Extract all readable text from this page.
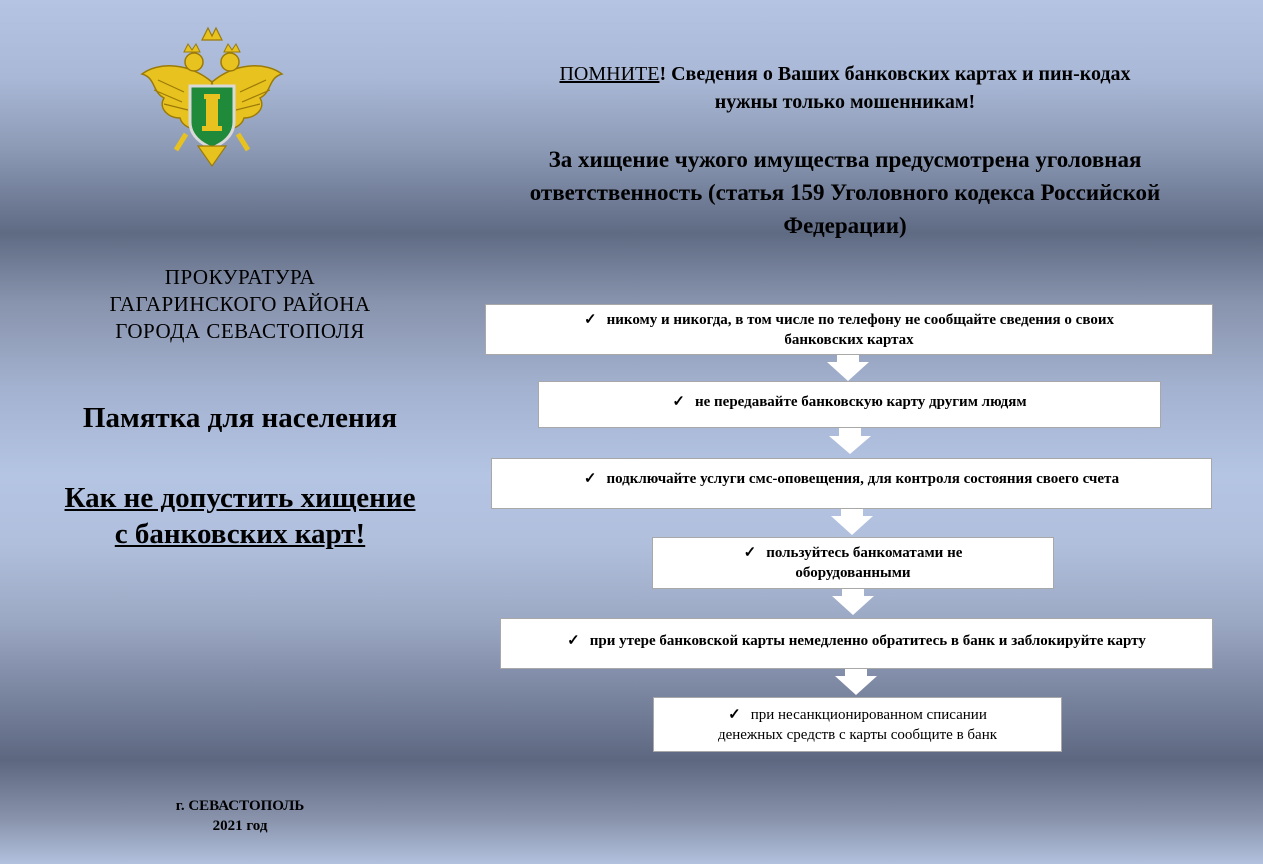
ПРОКУРАТУРА
ГАГАРИНСКОГО РАЙОНА
ГОРОДА СЕВАСТОПОЛЯ
Памятка для населения
Как не допустить хищение
с банковских карт!
г. СЕВАСТОПОЛЬ
2021 год
ПОМНИТЕ! Сведения о Ваших банковских картах и пин-кодах
нужны только мошенникам!
За хищение чужого имущества предусмотрена уголовная
ответственность (статья 159 Уголовного кодекса Российской
Федерации)
✓ никому и никогда, в том числе по телефону не сообщайте сведения о своих
банковских картах
✓ не передавайте банковскую карту другим людям
✓ подключайте услуги смс-оповещения, для контроля состояния своего счета
✓ пользуйтесь банкоматами не
оборудованными
✓ при утере банковской карты немедленно обратитесь в банк и заблокируйте карту
✓ при несанкционированном списании
денежных средств с карты сообщите в банк
